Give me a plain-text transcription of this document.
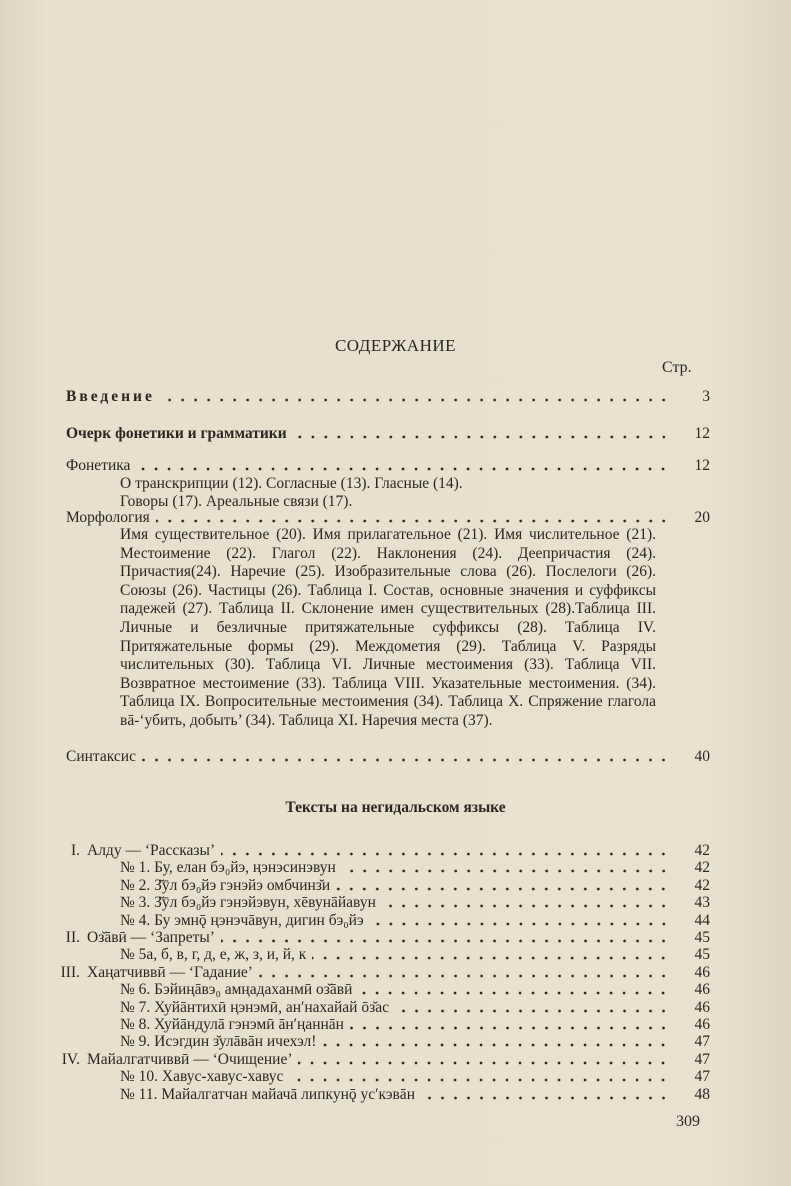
СОДЕРЖАНИЕ
Стр.
Введение	3
Очерк фонетики и грамматики	12
Фонетика	12
О транскрипции (12). Согласные (13). Гласные (14).
Говоры (17). Ареальные связи (17).
Морфология	20
Имя существительное (20). Имя прилагательное (21). Имя числительное (21). Местоимение (22). Глагол (22). Наклонения (24). Деепричастия (24). Причастия(24). Наречие (25). Изобразительные слова (26). Послелоги (26). Союзы (26). Частицы (26). Таблица I. Состав, основные значения и суффиксы падежей (27). Таблица II. Склонение имен существительных (28).Таблица III. Личные и безличные притяжательные суффиксы (28). Таблица IV. Притяжательные формы (29). Междометия (29). Таблица V. Разряды числительных (30). Таблица VI. Личные местоимения (33). Таблица VII. Возвратное местоимение (33). Таблица VIII. Указательные местоимения. (34). Таблица IX. Вопросительные местоимения (34). Таблица X. Спряжение глагола вā-‘убить, добыть’ (34). Таблица XI. Наречия места (37).
Синтаксис	40
Тексты на негидальском языке
I. Алду — ‘Рассказы’	42
№ 1. Бу, елан бэ₀йэ, ңэнэсинэвун	42
№ 2. З̆ӯл бэ₀йэ гэнэйэ омбчинз̆и	42
№ 3. З̆ӯл бэ₀йэ гэнэйэвун, хēвунāйавун	43
№ 4. Бу эмнǭ ңэнэчāвун, дигин бэ₀йэ	44
II. Оз̆āвӣ — ‘Запреты’	45
№ 5а, б, в, г, д, е, ж, з, и, й, к	45
III. Хаңатчиввӣ — ‘Гадание’	46
№ 6. Бэйиңāвэ₀ амңадаханмӣ оз̆āвӣ	46
№ 7. Хуйāнтихӣ ңэнэмӣ, ан′нахайай ōз̆ас	46
№ 8. Хуйāндулā гэнэмӣ āн′ңаннāн	46
№ 9. Исэгдин з̆улāвāн ичехэл!	47
IV. Майалгатчиввӣ — ‘Очищение’	47
№ 10. Хавус-хавус-хавус	47
№ 11. Майалгатчан майачā липкунǭ ус′кэвāн	48
309
